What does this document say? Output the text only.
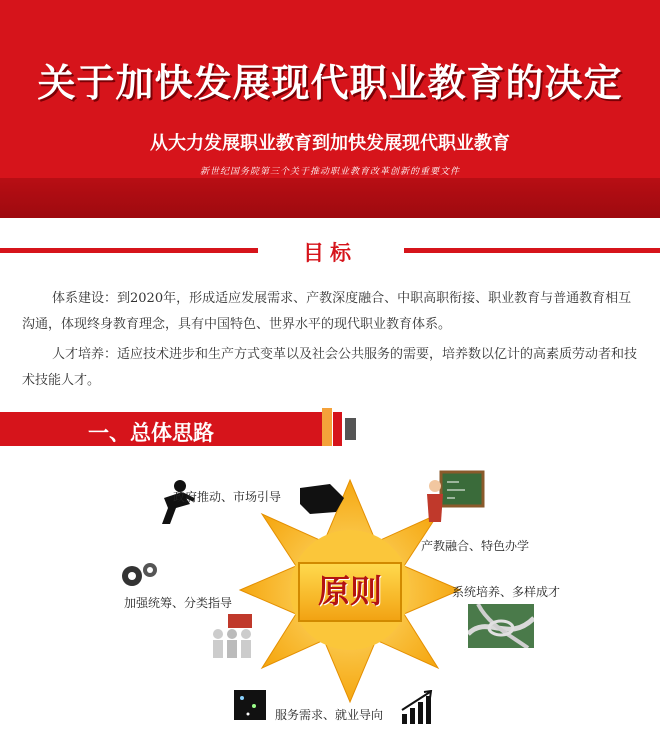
关于加快发展现代职业教育的决定
从大力发展职业教育到加快发展现代职业教育
新世纪国务院第三个关于推动职业教育改革创新的重要文件
目标
体系建设：到2020年，形成适应发展需求、产教深度融合、中职高职衔接、职业教育与普通教育相互沟通，体现终身教育理念，具有中国特色、世界水平的现代职业教育体系。
人才培养：适应技术进步和生产方式变革以及社会公共服务的需要，培养数以亿计的高素质劳动者和技术技能人才。
一、总体思路
原则
政府推动、市场引导
产教融合、特色办学
系统培养、多样成才
加强统筹、分类指导
服务需求、就业导向
